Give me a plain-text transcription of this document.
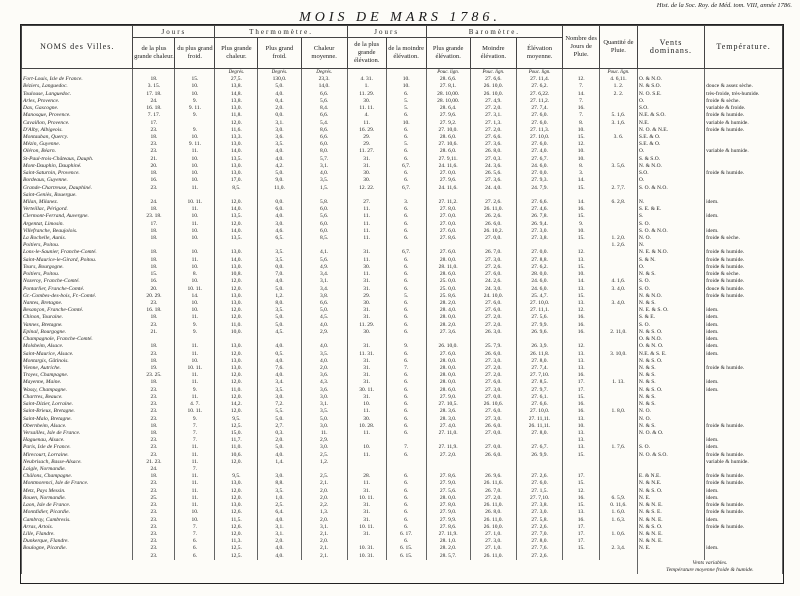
Hist. de la Soc. Roy. de Méd. tom. VIII, année 1786.
MOIS DE MARS 1786.
NOMS des Villes.	Jours		Thermomètre.			Jours		Baromètre.			Nombre des Jours de Pluie.	Quantité de Pluie.	Vents dominans.	Température.
	de la plus grande chaleur.	du plus grand froid.	Plus grande chaleur.	Plus grand froid.	Chaleur moyenne.	de la plus grande élévation.	de la moindre élévation.	Plus grande élévation.	Moindre élévation.	Élévation moyenne.				
			Degrés.	Degrés.	Degrés.			Pouc. lign.	Pouc. lign.	Pouc. lign.		Pouc. lign.		
Fort-Louis, Isle de France.	18.	15.	27,5.	130,0.	23,3.	4. 31.	10.	28. 6,6.	27. 6,6.	27. 11,4.	12.	4. 6,11.	O. & N.O.	
Béziers, Languedoc.	3. 15.	10.	13,8.	5,0.	14,0.	1.	10.	27. 8,1.	26. 10,0.	27. 6,2.	7.	1. 2.	N. & S.O.	douce & assez sèche.
Toulouse, Languedoc.	17. 18.	10.	14,8.	4,0.	6,6.	11. 29.	6.	28. 10,00.	26. 10,0.	27. 6,22.	14.	2. 2.	N. O. S.E.	très-froide, très-humide.
Arles, Provence.	24.	9.	13,8.	0,4.	5,6.	30.	5.	28. 10,00.	27. 4,9.	27. 11,2.	7.		O.	froide & sèche.
Dax, Gascogne.	16. 18.	9. 11.	13,0.	2,0.	8,4.	11. 11.	5.	28. 6,4.	27. 2,0.	27. 7,4.	16.		S.O.	variable & froide.
Manosque, Provence.	7. 17.	9.	11,8.	0,0.	6,6.	4.	6.	27. 9,6.	27. 3,1.	27. 6,0.	7.	5. 1,6.	N.E. & S.O.	froide & humide.
Cavaillon, Provence.	17.		12,0.	3,1.	5,4.	11.	10.	27. 9,2.	27. 1,3.	27. 6,0.	8.	3. 1,6.	N.E.	variable & humide.
D'Alby, Albigeois.	23.	9.	11,6.	3,0.	8,6.	16. 29.	6.	27. 10,0.	27. 2,0.	27. 11,3.	10.		N. O. & N.E.	froide & humide.
Montauban, Quercy.	18.	10.	13,3.	3,6.	6,6.	29.	6.	28. 6,0.	27. 6,6.	27. 10,0.	15.	3. 6.	S.E. & O.	
Mézin, Guyenne.	23.	9. 11.	13,0.	3,5.	6,0.	29.	5.	27. 10,6.	27. 3,6.	27. 6,0.	12.		S.E. & O.	
Oléron, Béarn.	23.	11.	14,0.	4,0.	8,0.	11. 27.	6.	28. 6,0.	26. 8,0.	27. 4,0.	10.		O.	variable & humide.
St-Paul-trois-Châteaux, Dauph.	21.	10.	13,5.	4,0.	5,7.	31.	6.	27. 9,11.	27. 0,3.	27. 6,7.	10.		S. & S.O.	
Mont-Dauphin, Dauphiné.	20.	10.	13,0.	4,2.	3,1.	31.	6,7.	24. 11,6.	24. 3,6.	24. 6,0.	8.	3. 5,6.	N. & N.O.	
Saint-Saturnin, Provence.	18.	10.	13,0.	5,0.	4,0.	30.	6.	27. 0,0.	26. 5,6.	27. 0,0.	3.		S.O.	froide & humide.
Bordeaux, Guyenne.	16.	10.	17,0.	9,0.	3,5.	30.	6.	27. 9,6.	27. 3,6.	27. 9,3.	14.		O.	
Grande-Chartreuse, Dauphiné.	23.	11.	8,5.	11,0.	1,5.	12. 22.	6,7.	24. 11,6.	24. 4,0.	24. 7,9.	15.	2. 7,7.	S. O. & N.O.	
Saint-Geniès, Rouergue.														
Milan, Milanez.	24.	10. 11.	12,0.	0,0.	5,8.	27.	3.	27. 11,2.	27. 2,6.	27. 6,6.	14.	6. 2,8.	N.	idem.
Verteillac, Périgord.	18.	11.	14,0.	6,0.	6,0.	11.	6.	27. 8,0.	26. 11,0.	27. 4,6.	16.		S. E. & E.	
Clermont-Ferrand, Auvergne.	23. 18.	10.	13,5.	4,0.	5,6.	11.	6.	27. 0,0.	26. 2,6.	26. 7,8.	15.		S.	idem.
Argentat, Limosin.	17.	11.	12,0.	3,0.	6,0.	11.	6.	27. 0,0.	26. 6,0.	26. 9,4.	9.		S. O.	
Villefranche, Beaujolois.	18.	10.	14,0.	4,6.	6,0.	11.	6.	27. 6,0.	26. 10,2.	27. 3,0.	10.		S. O. & N.O.	idem.
La Rochelle, Aunis.	18.	10.	13,5.	6,5.	8,5.	11.	6.	27. 8,6.	27. 0,0.	27. 3,8.	15.	1. 2,0.	N. O.	froide & sèche.
Poitiers, Poitou.												1. 2,6.	N.	
Lons-le-Saunier, Franche-Comté.	18.	10.	13,0.	3,5.	4,1.	31.	6,7.	27. 6,0.	26. 7,0.	27. 0,0.	12.		N. E. & N.O.	froide & humide.
Saint-Maurice-le-Girard, Poitou.	18.	11.	14,0.	3,5.	5,6.	11.	6.	28. 0,0.	27. 3,0.	27. 8,8.	13.		S. & N.	froide & humide.
Tours, Bourgogne.	18.	10.	13,0.	0,0.	4,9.	30.	6.	28. 11,0.	27. 2,6.	27. 6,2.	15.		O.	froide & humide.
Poitiers, Poitou.	15.	8.	10,8.	7,0.	3,4.	11.	6.	28. 6,0.	27. 6,0.	28. 0,0.	10.		N. & S.	froide & sèche.
Nozeroy, Franche-Comté.	16.	10.	12,0.	4,0.	3,1.	31.	6.	25. 0,0.	24. 2,6.	24. 6,0.	14.	4. 1,6.	S. O.	froide & humide.
Pontarlier, Franche-Comté.	20.	10. 11.	12,0.	5,0.	3,4.	31.	6.	25. 0,0.	24. 3,0.	24. 6,0.	13.	3. 4,0.	S. O.	douce & humide.
Gr.-Combes-des-bois, Fr.-Comté.	20. 29.	14.	13,0.	1,2.	3,8.	29.	5.	25. 8,6.	24. 10,0.	25. 4,7.	15.		N. & N.O.	froide & humide.
Nantes, Bretagne.	23.	10.	13,0.	8,0.	6,6.	30.	6.	28. 2,0.	27. 6,0.	27. 10,0.	13.	3. 4,0.	N. & S.	
Besançon, Franche-Comté.	16. 18.	10.	12,0.	3,5.	5,0.	31.	6.	28. 4,0.	27. 6,0.	27. 11,1.	12.		N. E. & S. O.	idem.
Chinon, Touraine.	18.	11.	12,0.	5,0.	4,5.	31.	6.	28. 0,0.	27. 2,0.	27. 5,6.	16.		S. & E.	idem.
Vannes, Bretagne.	23.	9.	11,0.	5,0.	4,0.	11. 29.	6.	28. 2,0.	27. 2,0.	27. 9,9.	16.		S. O.	idem.
Epinal, Bourgogne.	21.	9.	10,0.	4,5.	2,9.	30.	6.	27. 3,6.	26. 3,0.	26. 9,6.	16.	2. 11,0.	N. & S. O.	idem.
Champagnole, Franche-Comté.													O. & N.O.	idem.
Molsheim, Alsace.	18.	11.	13,0.	4,0.	4,0.	31.	9.	26. 10,0.	25. 7,9.	26. 3,9.	12.		O. & N. O.	idem.
Saint-Maurice, Alsace.	23.	11.	12,0.	0,5.	3,5.	11. 31.	6.	27. 6,0.	26. 6,0.	26. 11,8.	13.	3. 10,0.	N.E. & S. E.	idem.
Montargis, Gâtinois.	18.	10.	13,0.	4,0.	4,0.	31.	6.	28. 0,0.	27. 3,0.	27. 8,0.	13.		N. & S. O.	
Vienne, Autriche.	19.	10. 11.	13,0.	7,6.	2,0.	31.	7.	28. 0,0.	27. 2,0.	27. 7,4.	13.		N. & S.	froide & humide.
Troyes, Champagne.	23. 25.	11.	12,0.	4,0.	3,6.	31.	6.	28. 0,0.	27. 2,0.	27. 7,10.	16.		N. & S.	
Mayenne, Maine.	18.	11.	12,0.	3,4.	4,3.	31.	6.	28. 0,0.	27. 6,0.	27. 8,5.	17.	1. 13.	N. & S.	idem.
Wassy, Champagne.	23.	9.	11,0.	3,5.	3,6.	30. 11.	6.	28. 6,0.	27. 3,0.	27. 9,7.	17.		N. & S. O.	idem.
Chartres, Beauce.	23.	11.	12,0.	3,0.	3,0.	31.	6.	27. 9,0.	27. 0,0.	27. 6,1.	15.		N. & S.	
Saint-Dizier, Lorraine.	23.	4. 7.	14,2.	7,2.	3,1.	10.	6.	27. 10,5.	26. 10,6.	27. 6,6.	16.		N. & S.	
Saint-Brieux, Bretagne.	23.	10. 11.	12,0.	5,5.	3,5.	11.	6.	28. 3,6.	27. 6,0.	27. 10,0.	16.	1. 8,0.	N. O.	
Saint-Malo, Bretagne.	23.	9.	9,5.	5,0.	5,0.	30.	6.	28. 3,0.	27. 3,0.	27. 11,11.	13.		N. O.	
Obernheim, Alsace.	18.	7.	12,5.	2,7.	3,0.	10. 28.	6.	27. 4,0.	26. 6,0.	26. 11,11.	10.		N. & S.	froide & humide.
Versailles, Isle de France.	18.	7.	15,0.	0,3.	11.	11.	6.	27. 11,0.	27. 0,0.	27. 8,0.	13.		N. O. & O.	
Haguenau, Alsace.	23.	7.	11,7.	2,0.	2,9.						13.			idem.
Paris, Isle de France.	23.	11.	11,0.	5,0.	3,0.	10.	7.	27. 11,9.	27. 0,0.	27. 6,7.	13.	1. 7,6.	S. O.	idem.
Mirecourt, Lorraine.	23.	11.	10,6.	4,0.	2,5.	11.	6.	27. 2,0.	26. 6,0.	26. 9,9.	15.		N. O. & S.O.	froide & humide.
Neubrisach, Basse-Alsace.	21. 23.	11.	12,0.	1,4.	1,2.									variable & humide.
Laigle, Normandie.	24.	7.												
Châlons, Champagne.	18.	11.	9,5.	3,0.	2,5.	28.	6.	27. 8,6.	26. 9,6.	27. 2,6.	17.		E. & N.E.	froide & humide.
Montmorenci, Isle de France.	23.	11.	13,0.	8,8.	2,1.	11.	6.	27. 9,0.	26. 11,6.	27. 6,0.	15.		N. & N.E.	froide & humide.
Metz, Pays Messin.	23.	11.	12,0.	3,5.	2,0.	31.	6.	27. 5,6.	26. 7,0.	27. 1,5.	12.		N. & S. O.	idem.
Rouen, Normandie.	25.	11.	12,0.	1,0.	2,0.	10. 11.	6.	28. 0,0.	27. 2,0.	27. 7,10.	16.	6. 5,9.	N. E.	idem.
Laon, Isle de France.	23.	11.	13,0.	2,5.	2,2.	31.	6.	27. 8,0.	26. 11,0.	27. 3,8.	15.	0. 11,6.	N. & N. E.	froide & humide.
Montdidier, Picardie.	23.	10.	12,6.	6,4.	1,3.	31.	6.	27. 9,0.	26. 8,0.	27. 3,0.	13.	1. 6,0.	N. & S. E.	froide & humide.
Cambray, Cambresis.	23.	10.	11,5.	4,0.	2,0.	31.	6.	27. 9,9.	26. 11,0.	27. 5,8.	16.	1. 6,3.	N. & N. E.	idem.
Arras, Artois.	23.	7.	12,6.	3,1.	3,1.	10. 11.	6.	27. 8,6.	26. 10,0.	27. 2,6.	17.		N. & S. O.	froide & humide.
Lille, Flandre.	23.	7.	12,0.	3,1.	2,1.	31.	6. 17.	27. 11,9.	27. 1,0.	27. 7,0.	17.	1. 0,6.	N. & N. E.	
Dunkerque, Flandre.	23.	6.	11,3.	2,0.	2,0.		6.	28. 1,0.	27. 3,0.	27. 8,0.	17.		N. & N. E.	
Boulogne, Picardie.	23.	6.	12,5.	4,0.	2,1.	10. 31.	6. 15.	28. 2,0.	27. 1,0.	27. 7,6.	15.	2. 3,4.	N. E.	idem.
	23.	6.	12,5.	4,0.	2,1.	10. 31.	6. 15.	28. 5,7.	26. 11,0.	27. 2,6.				
													Vents variables.	
													Température moyenne froide & humide.	
